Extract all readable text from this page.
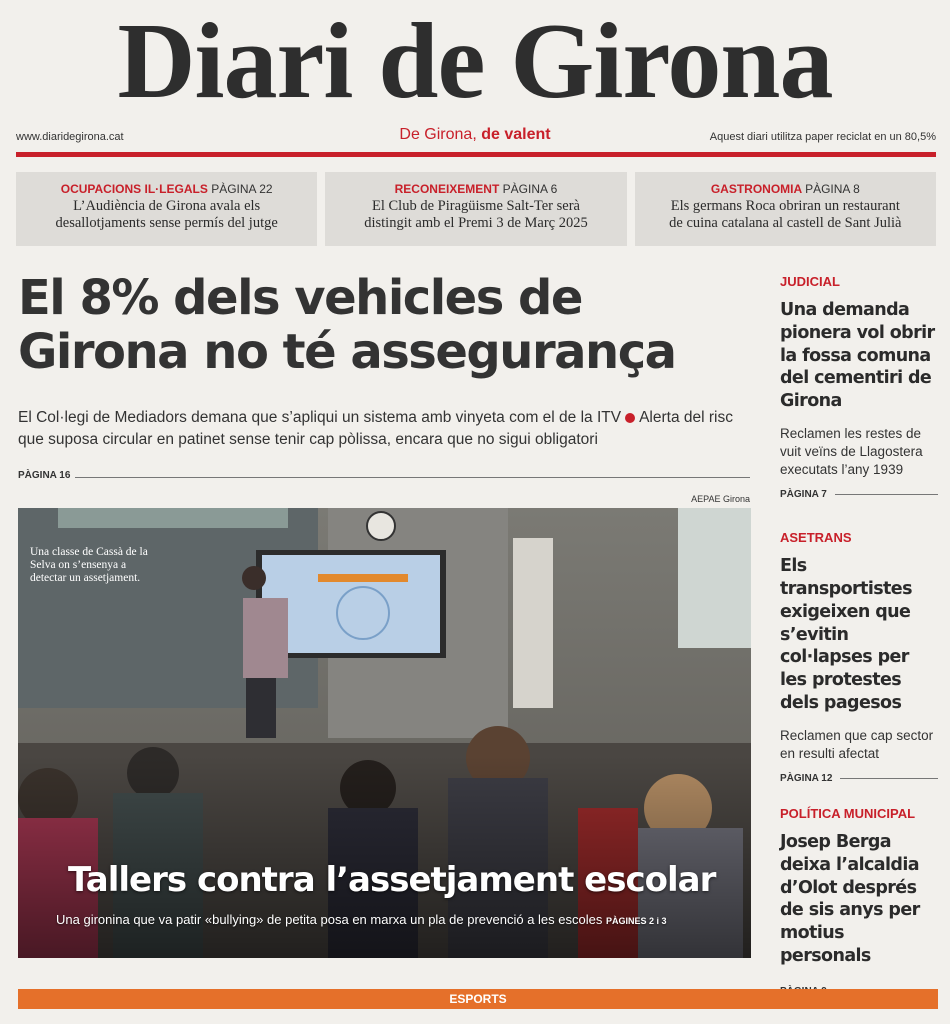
Diari de Girona
www.diaridegirona.cat	De Girona, de valent	Aquest diari utilitza paper reciclat en un 80,5%
OCUPACIONS IL·LEGALS PÀGINA 22
L’Audiència de Girona avala els
desallotjaments sense permís del jutge
RECONEIXEMENT PÀGINA 6
El Club de Piragüisme Salt-Ter serà
distingit amb el Premi 3 de Març 2025
GASTRONOMIA PÀGINA 8
Els germans Roca obriran un restaurant
de cuina catalana al castell de Sant Julià
El 8% dels vehicles de
Girona no té assegurança
El Col·legi de Mediadors demana que s’apliqui un sistema amb vinyeta com el de la ITV Alerta del risc que suposa circular en patinet sense tenir cap pòlissa, encara que no sigui obligatori
PÀGINA 16
AEPAE Girona
Una classe de Cassà de la Selva on s’ensenya a detectar un assetjament.
Tallers contra l’assetjament escolar
Una gironina que va patir «bullying» de petita posa en marxa un pla de prevenció a les escoles PÀGINES 2 i 3
JUDICIAL
Una demanda pionera vol obrir la fossa comuna del cementiri de Girona
Reclamen les restes de vuit veïns de Llagostera executats l’any 1939
PÀGINA 7
ASETRANS
Els transportistes exigeixen que s’evitin col·lapses per les protestes dels pagesos
Reclamen que cap sector en resulti afectat
PÀGINA 12
POLÍTICA MUNICIPAL
Josep Berga deixa l’alcaldia d’Olot després de sis anys per motius personals
ESPORTS
